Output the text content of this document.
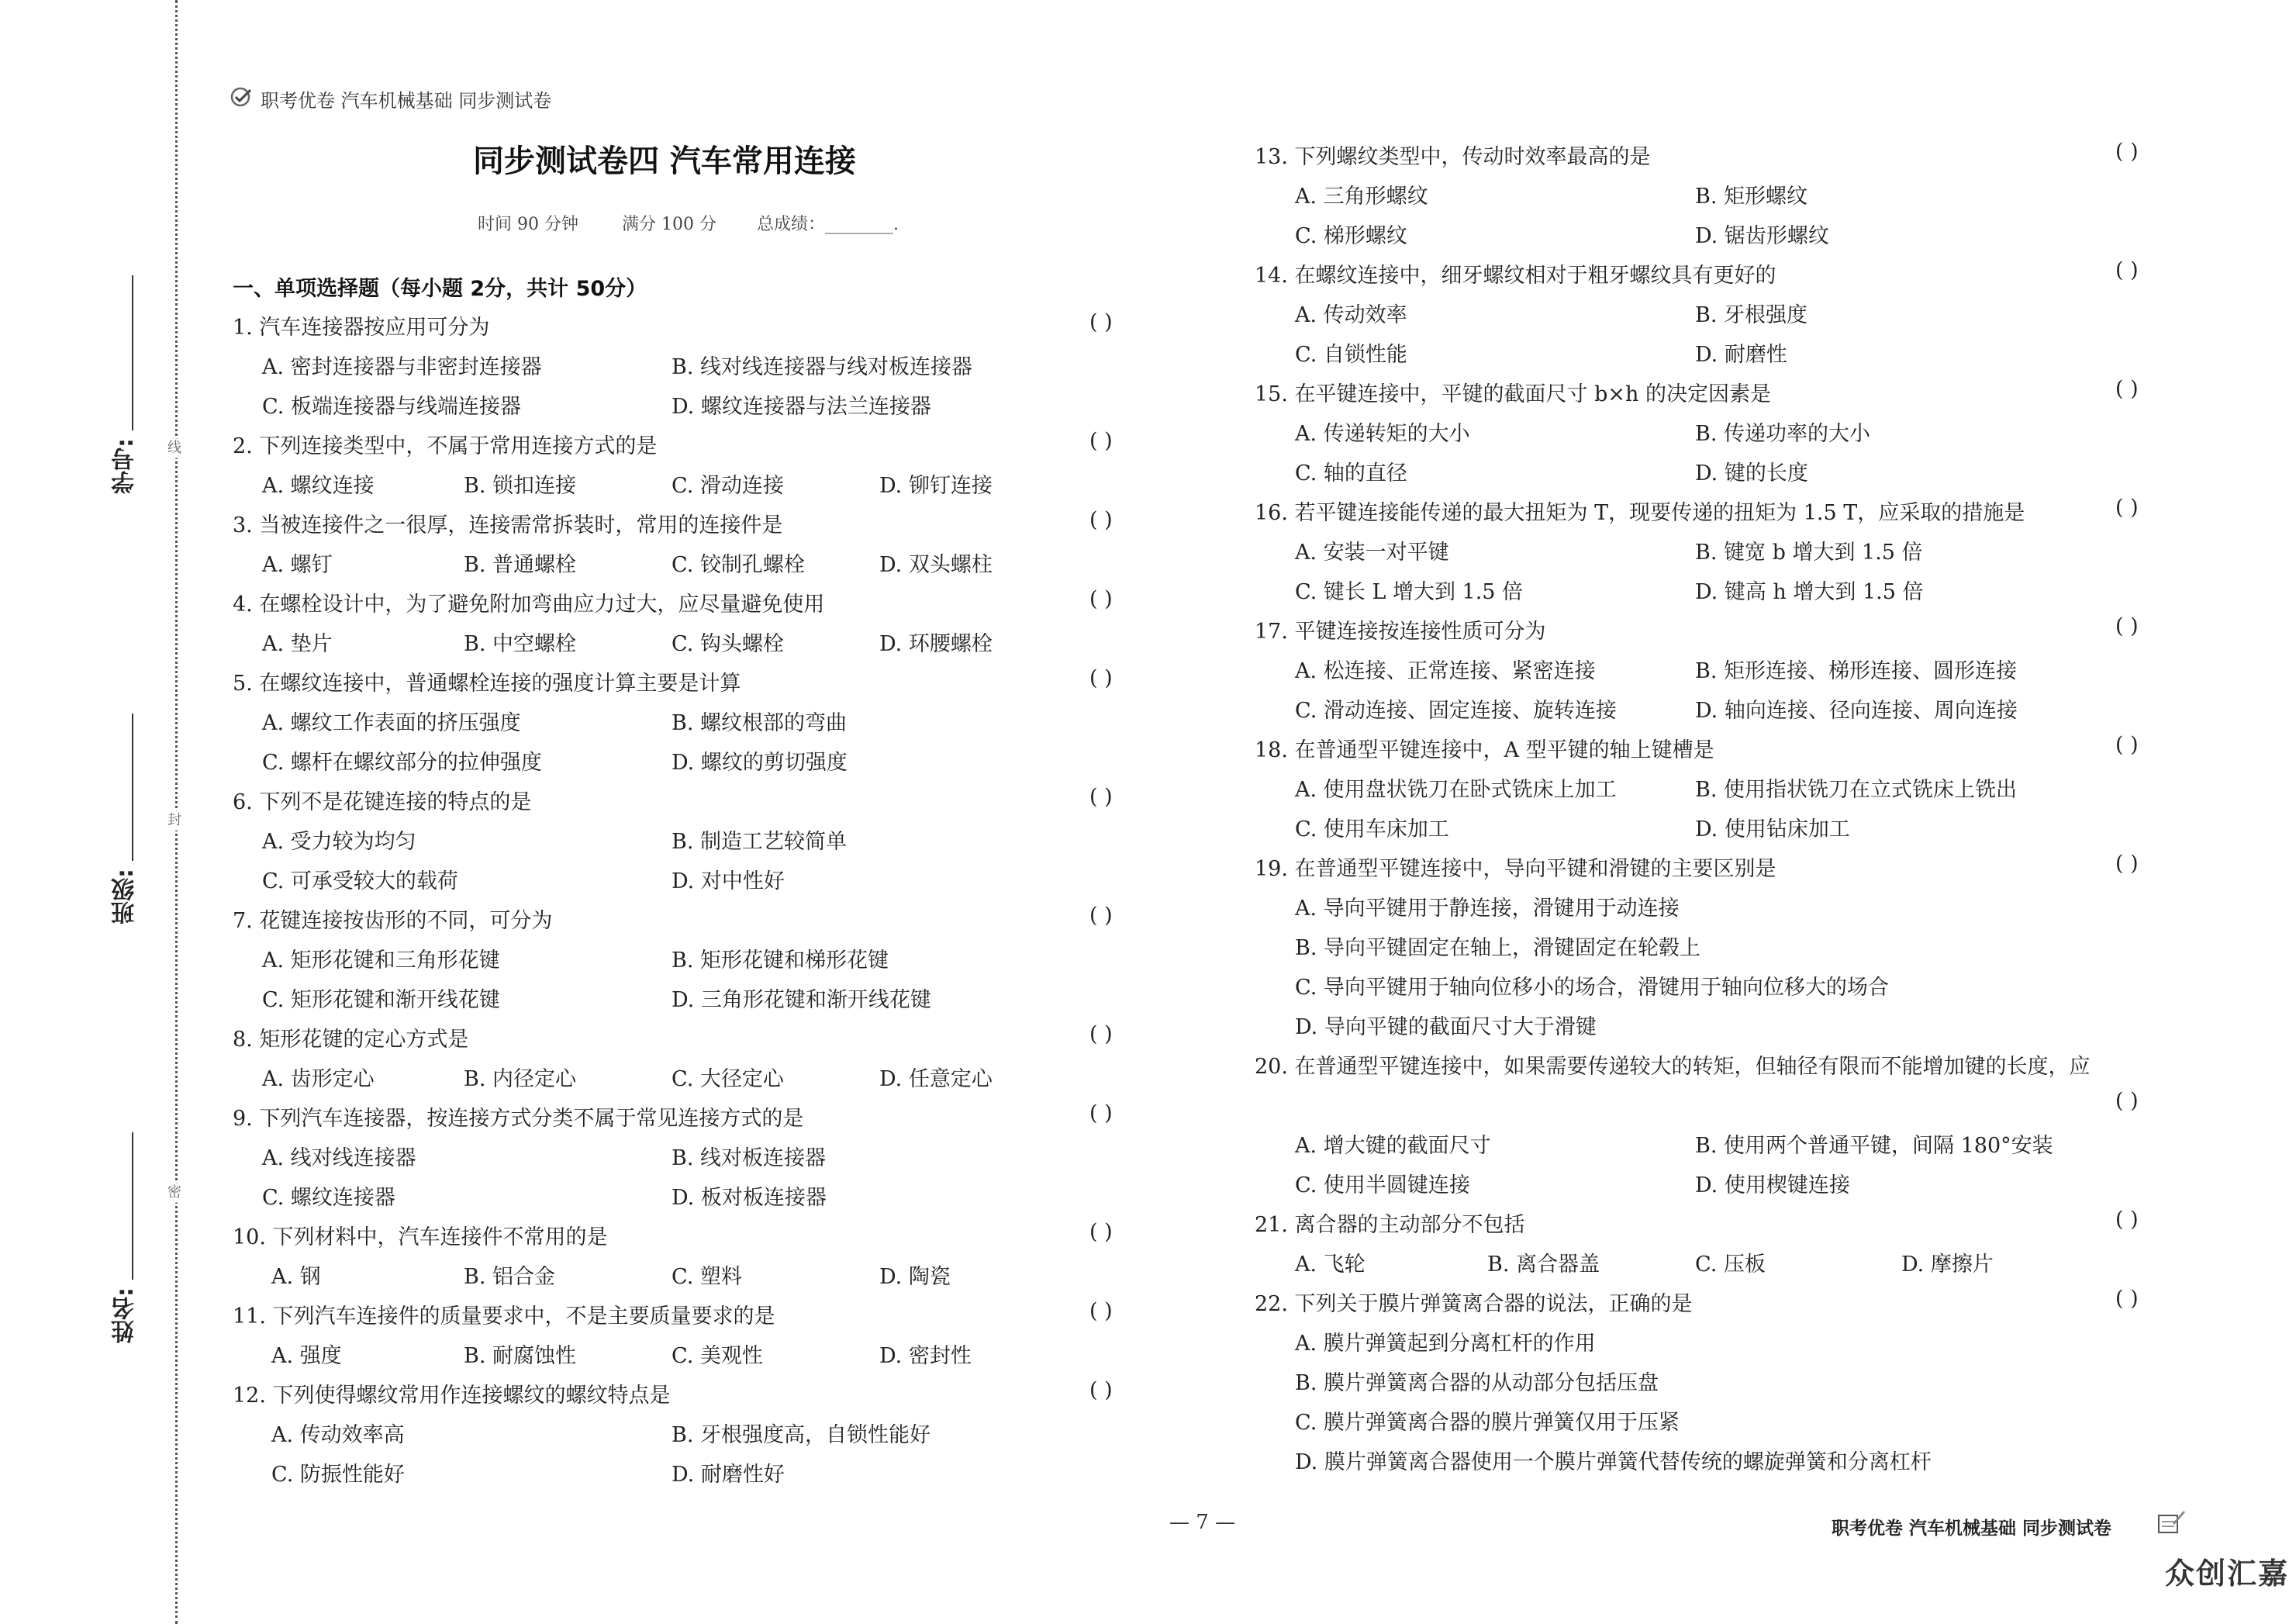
学号:
班级:
姓名:
线
封
密
职考优卷 汽车机械基础 同步测试卷
同步测试卷四 汽车常用连接
时间 90 分钟	满分 100 分 总成绩：________.
一、单项选择题（每小题 2分，共计 50分）
1. 汽车连接器按应用可分为	( )
A. 密封连接器与非密封连接器	B. 线对线连接器与线对板连接器
C. 板端连接器与线端连接器	D. 螺纹连接器与法兰连接器
2. 下列连接类型中，不属于常用连接方式的是	( )
A. 螺纹连接	B. 锁扣连接	C. 滑动连接	D. 铆钉连接
3. 当被连接件之一很厚，连接需常拆装时，常用的连接件是	( )
A. 螺钉	B. 普通螺栓	C. 铰制孔螺栓	D. 双头螺柱
4. 在螺栓设计中，为了避免附加弯曲应力过大，应尽量避免使用	( )
A. 垫片	B. 中空螺栓	C. 钩头螺栓	D. 环腰螺栓
5. 在螺纹连接中，普通螺栓连接的强度计算主要是计算	( )
A. 螺纹工作表面的挤压强度	B. 螺纹根部的弯曲
C. 螺杆在螺纹部分的拉伸强度	D. 螺纹的剪切强度
6. 下列不是花键连接的特点的是	( )
A. 受力较为均匀	B. 制造工艺较简单
C. 可承受较大的载荷	D. 对中性好
7. 花键连接按齿形的不同，可分为	( )
A. 矩形花键和三角形花键	B. 矩形花键和梯形花键
C. 矩形花键和渐开线花键	D. 三角形花键和渐开线花键
8. 矩形花键的定心方式是	( )
A. 齿形定心	B. 内径定心	C. 大径定心	D. 任意定心
9. 下列汽车连接器，按连接方式分类不属于常见连接方式的是	( )
A. 线对线连接器	B. 线对板连接器
C. 螺纹连接器	D. 板对板连接器
10. 下列材料中，汽车连接件不常用的是	( )
A. 钢	B. 铝合金	C. 塑料	D. 陶瓷
11. 下列汽车连接件的质量要求中，不是主要质量要求的是	( )
A. 强度	B. 耐腐蚀性	C. 美观性	D. 密封性
12. 下列使得螺纹常用作连接螺纹的螺纹特点是	( )
A. 传动效率高	B. 牙根强度高，自锁性能好
C. 防振性能好	D. 耐磨性好
13. 下列螺纹类型中，传动时效率最高的是	( )
A. 三角形螺纹	B. 矩形螺纹
C. 梯形螺纹	D. 锯齿形螺纹
14. 在螺纹连接中，细牙螺纹相对于粗牙螺纹具有更好的	( )
A. 传动效率	B. 牙根强度
C. 自锁性能	D. 耐磨性
15. 在平键连接中，平键的截面尺寸 b×h 的决定因素是	( )
A. 传递转矩的大小	B. 传递功率的大小
C. 轴的直径	D. 键的长度
16. 若平键连接能传递的最大扭矩为 T，现要传递的扭矩为 1.5 T，应采取的措施是	( )
A. 安装一对平键	B. 键宽 b 增大到 1.5 倍
C. 键长 L 增大到 1.5 倍	D. 键高 h 增大到 1.5 倍
17. 平键连接按连接性质可分为	( )
A. 松连接、正常连接、紧密连接	B. 矩形连接、梯形连接、圆形连接
C. 滑动连接、固定连接、旋转连接	D. 轴向连接、径向连接、周向连接
18. 在普通型平键连接中，A 型平键的轴上键槽是	( )
A. 使用盘状铣刀在卧式铣床上加工	B. 使用指状铣刀在立式铣床上铣出
C. 使用车床加工	D. 使用钻床加工
19. 在普通型平键连接中，导向平键和滑键的主要区别是	( )
A. 导向平键用于静连接，滑键用于动连接
B. 导向平键固定在轴上，滑键固定在轮毂上
C. 导向平键用于轴向位移小的场合，滑键用于轴向位移大的场合
D. 导向平键的截面尺寸大于滑键
20. 在普通型平键连接中，如果需要传递较大的转矩，但轴径有限而不能增加键的长度，应
( )
A. 增大键的截面尺寸	B. 使用两个普通平键，间隔 180°安装
C. 使用半圆键连接	D. 使用楔键连接
21. 离合器的主动部分不包括	( )
A. 飞轮	B. 离合器盖	C. 压板	D. 摩擦片
22. 下列关于膜片弹簧离合器的说法，正确的是	( )
A. 膜片弹簧起到分离杠杆的作用
B. 膜片弹簧离合器的从动部分包括压盘
C. 膜片弹簧离合器的膜片弹簧仅用于压紧
D. 膜片弹簧离合器使用一个膜片弹簧代替传统的螺旋弹簧和分离杠杆
— 7 —	职考优卷 汽车机械基础 同步测试卷
众创汇嘉
